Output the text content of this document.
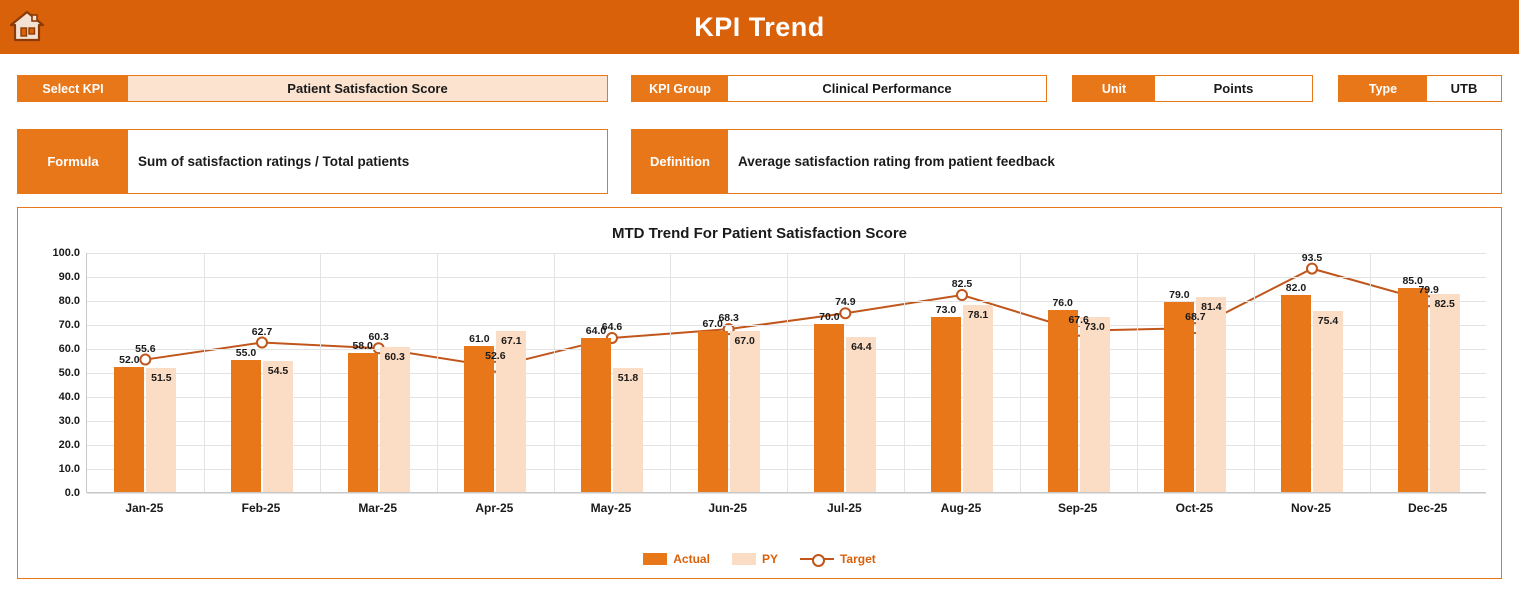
KPI Trend
Select KPI	Patient Satisfaction Score	KPI Group	Clinical Performance	Unit	Points	Type	UTB
Formula	Sum of satisfaction ratings / Total patients	Definition	Average satisfaction rating from patient feedback
MTD Trend For Patient Satisfaction Score
0.0
10.0
20.0
30.0
40.0
50.0
60.0
70.0
80.0
90.0
100.0
52.0
51.5
55.6	55.0
54.5
62.7
58.0
60.3
60.3	61.0 67.1
52.6
64.0
51.8
64.6	67.0
67.0
68.3	70.0
64.4
74.9
73.0 78.1
82.5
76.0
73.0
67.6
79.0
81.4
68.7
82.0
75.4
93.5
85.0
82.5
79.9
Jan-25	Feb-25	Mar-25	Apr-25	May-25	Jun-25	Jul-25	Aug-25	Sep-25	Oct-25	Nov-25	Dec-25
Actual	PY	Target
